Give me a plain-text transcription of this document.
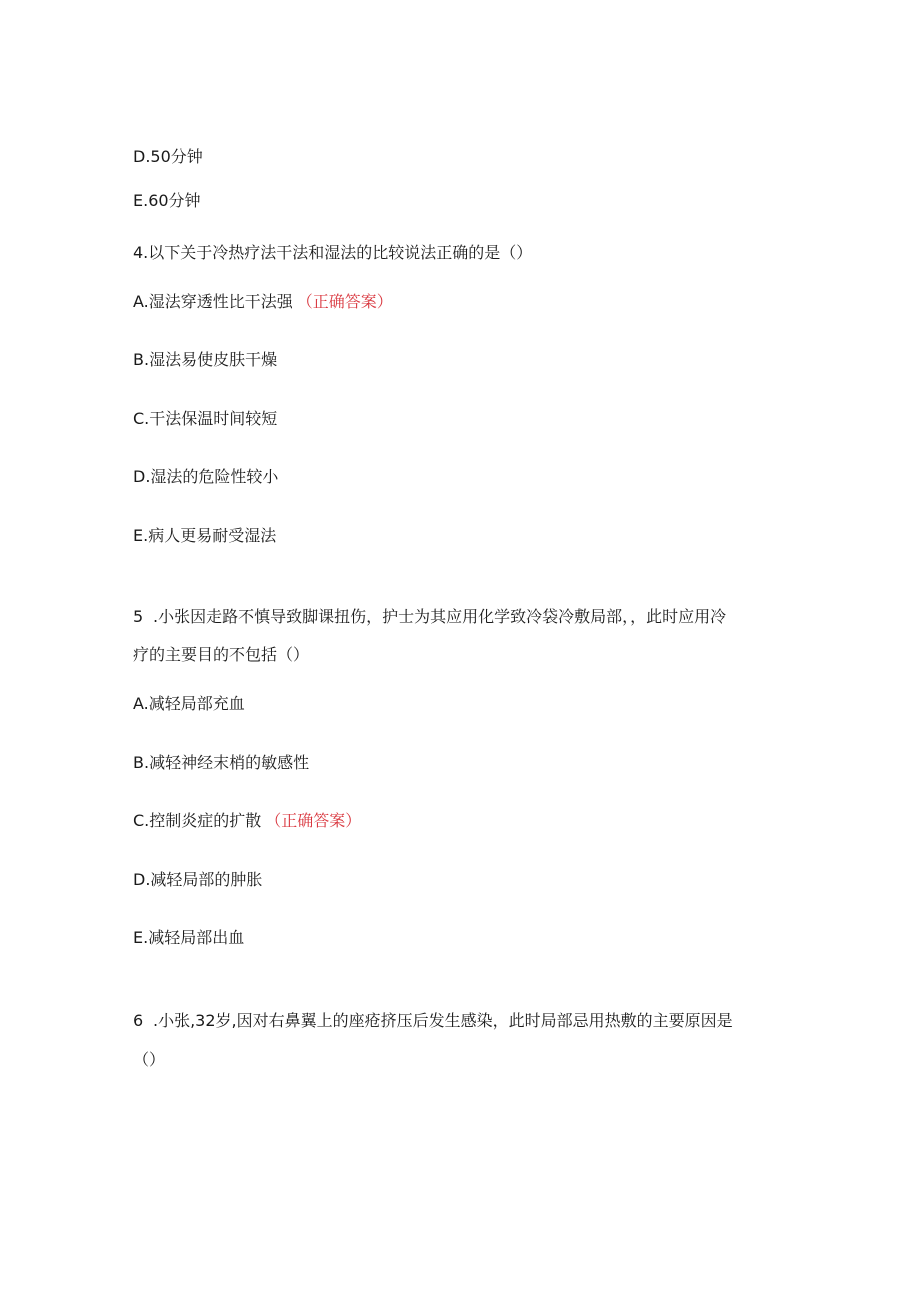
D.50分钟
E.60分钟
4.以下关于冷热疗法干法和湿法的比较说法正确的是（）
A.湿法穿透性比干法强 （正确答案）
B.湿法易使皮肤干燥
C.干法保温时间较短
D.湿法的危险性较小
E.病人更易耐受湿法
5 .小张因走路不慎导致脚课扭伤，护士为其应用化学致冷袋冷敷局部，，此时应用冷
疗的主要目的不包括（）
A.减轻局部充血
B.减轻神经末梢的敏感性
C.控制炎症的扩散 （正确答案）
D.减轻局部的肿胀
E.减轻局部出血
6 .小张,32岁,因对右鼻翼上的座疮挤压后发生感染，此时局部忌用热敷的主要原因是
（）
